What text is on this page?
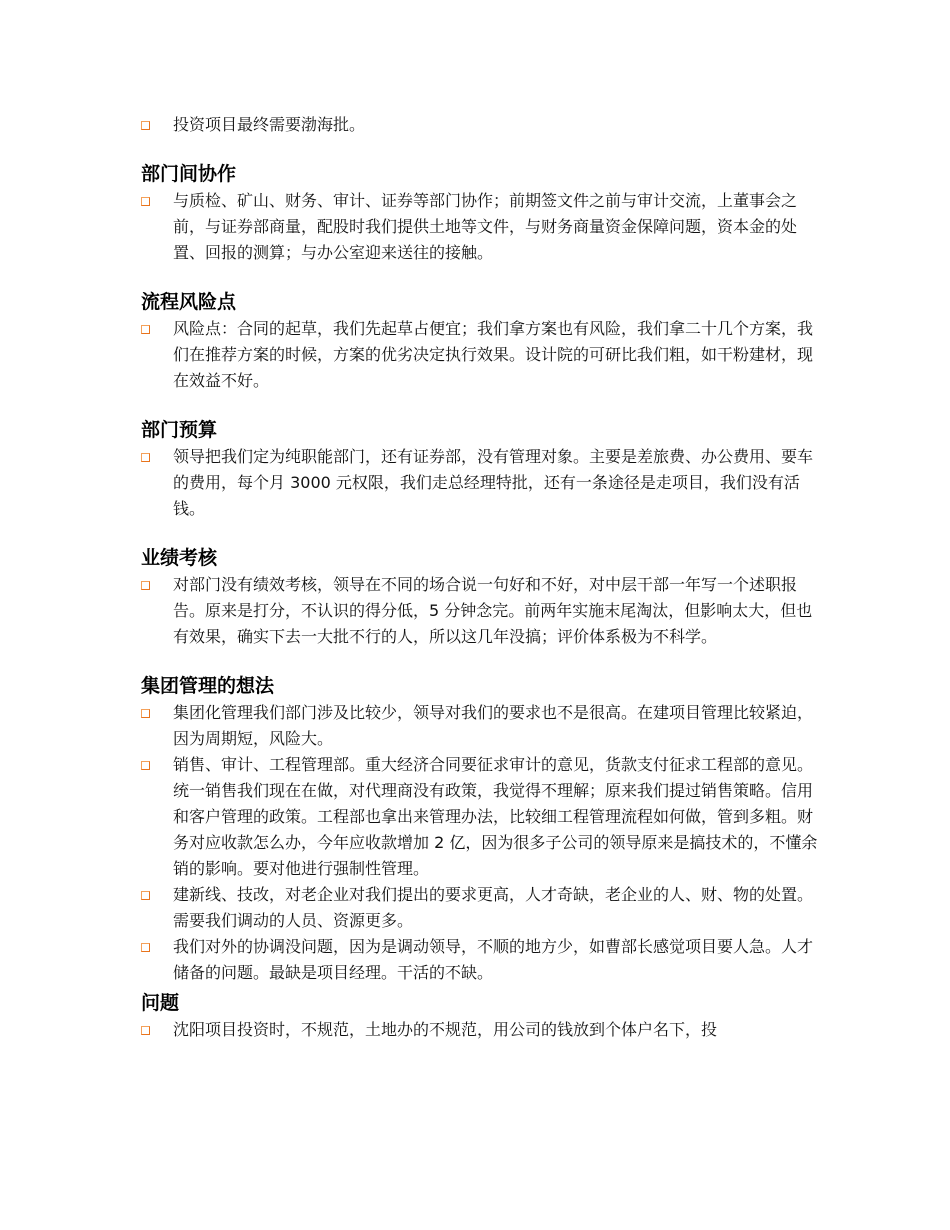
投资项目最终需要渤海批。
部门间协作
与质检、矿山、财务、审计、证券等部门协作；前期签文件之前与审计交流，上董事会之前，与证券部商量，配股时我们提供土地等文件，与财务商量资金保障问题，资本金的处置、回报的测算；与办公室迎来送往的接触。
流程风险点
风险点：合同的起草，我们先起草占便宜；我们拿方案也有风险，我们拿二十几个方案，我们在推荐方案的时候，方案的优劣决定执行效果。设计院的可研比我们粗，如干粉建材，现在效益不好。
部门预算
领导把我们定为纯职能部门，还有证券部，没有管理对象。主要是差旅费、办公费用、要车的费用，每个月 3000 元权限，我们走总经理特批，还有一条途径是走项目，我们没有活钱。
业绩考核
对部门没有绩效考核，领导在不同的场合说一句好和不好，对中层干部一年写一个述职报告。原来是打分，不认识的得分低，5 分钟念完。前两年实施末尾淘汰，但影响太大，但也有效果，确实下去一大批不行的人，所以这几年没搞；评价体系极为不科学。
集团管理的想法
集团化管理我们部门涉及比较少，领导对我们的要求也不是很高。在建项目管理比较紧迫，因为周期短，风险大。
销售、审计、工程管理部。重大经济合同要征求审计的意见，货款支付征求工程部的意见。统一销售我们现在在做，对代理商没有政策，我觉得不理解；原来我们提过销售策略。信用和客户管理的政策。工程部也拿出来管理办法，比较细工程管理流程如何做，管到多粗。财务对应收款怎么办，今年应收款增加 2 亿，因为很多子公司的领导原来是搞技术的，不懂余销的影响。要对他进行强制性管理。
建新线、技改，对老企业对我们提出的要求更高，人才奇缺，老企业的人、财、物的处置。需要我们调动的人员、资源更多。
我们对外的协调没问题，因为是调动领导，不顺的地方少，如曹部长感觉项目要人急。人才储备的问题。最缺是项目经理。干活的不缺。
问题
沈阳项目投资时，不规范，土地办的不规范，用公司的钱放到个体户名下，投
